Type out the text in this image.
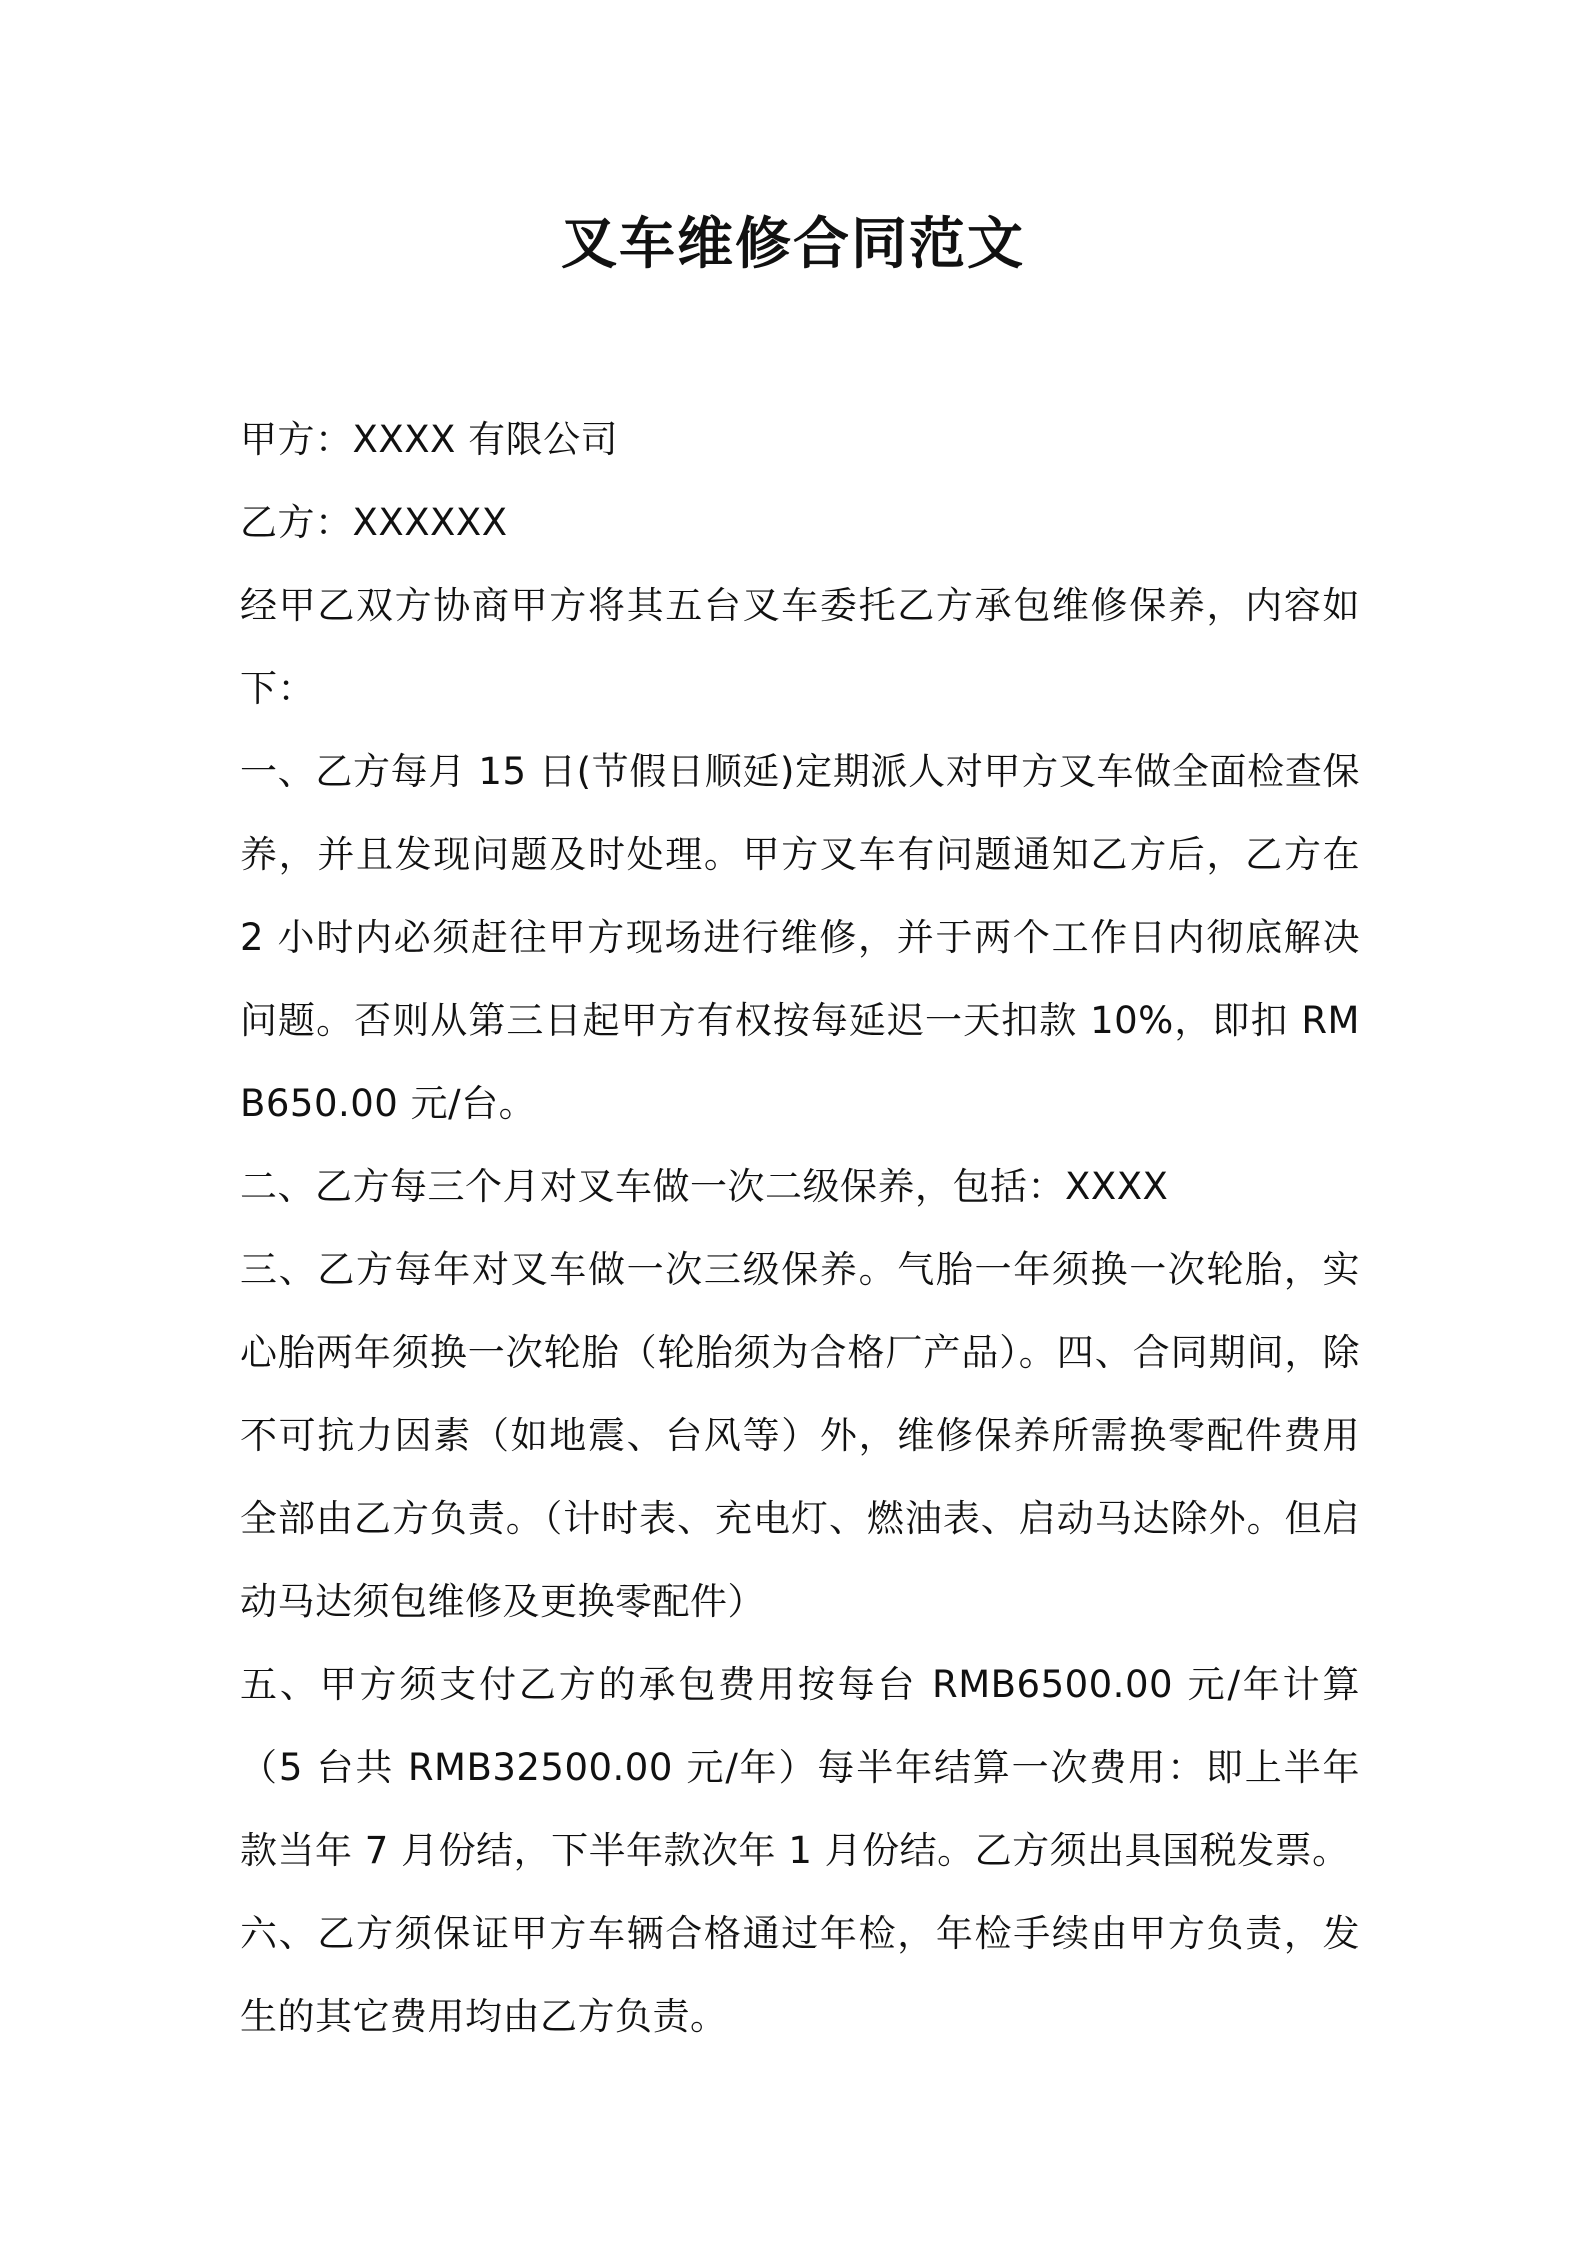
叉车维修合同范文

甲方：XXXX 有限公司

乙方：XXXXXX

经甲乙双方协商甲方将其五台叉车委托乙方承包维修保养，内容如下：

一、乙方每月 15 日(节假日顺延)定期派人对甲方叉车做全面检查保养，并且发现问题及时处理。甲方叉车有问题通知乙方后，乙方在 2 小时内必须赶往甲方现场进行维修，并于两个工作日内彻底解决问题。否则从第三日起甲方有权按每延迟一天扣款 10%，即扣 RMB650.00 元/台。

二、乙方每三个月对叉车做一次二级保养，包括：XXXX

三、乙方每年对叉车做一次三级保养。气胎一年须换一次轮胎，实心胎两年须换一次轮胎（轮胎须为合格厂产品）。四、合同期间，除不可抗力因素（如地震、台风等）外，维修保养所需换零配件费用全部由乙方负责。（计时表、充电灯、燃油表、启动马达除外。但启动马达须包维修及更换零配件）

五、甲方须支付乙方的承包费用按每台 RMB6500.00 元/年计算（5 台共 RMB32500.00 元/年）每半年结算一次费用：即上半年款当年 7 月份结，下半年款次年 1 月份结。乙方须出具国税发票。

六、乙方须保证甲方车辆合格通过年检，年检手续由甲方负责，发生的其它费用均由乙方负责。
